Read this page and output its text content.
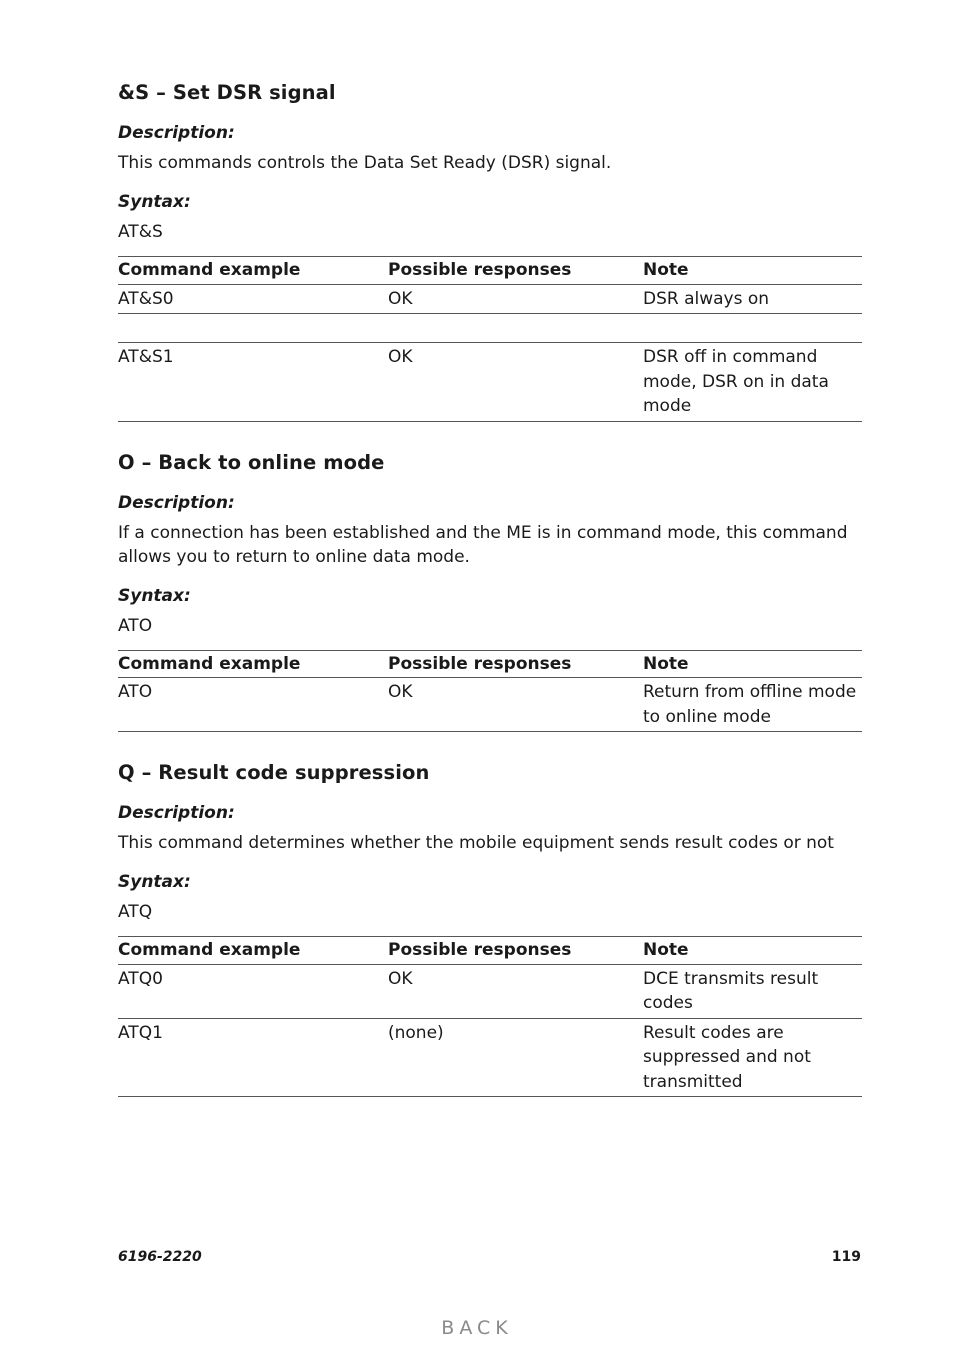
&S – Set DSR signal

Description:

This commands controls the Data Set Ready (DSR) signal.

Syntax:

AT&S

Command example	Possible responses	Note
AT&S0	OK	DSR always on

AT&S1	OK	DSR off in command mode, DSR on in data mode
O – Back to online mode

Description:

If a connection has been established and the ME is in command mode, this command allows you to return to online data mode.

Syntax:

ATO

Command example	Possible responses	Note
ATO	OK	Return from offline mode to online mode
Q – Result code suppression

Description:

This command determines whether the mobile equipment sends result codes or not

Syntax:

ATQ

Command example	Possible responses	Note
ATQ0	OK	DCE transmits result codes
ATQ1	(none)	Result codes are suppressed and not transmitted
6196-2220	119
BACK
